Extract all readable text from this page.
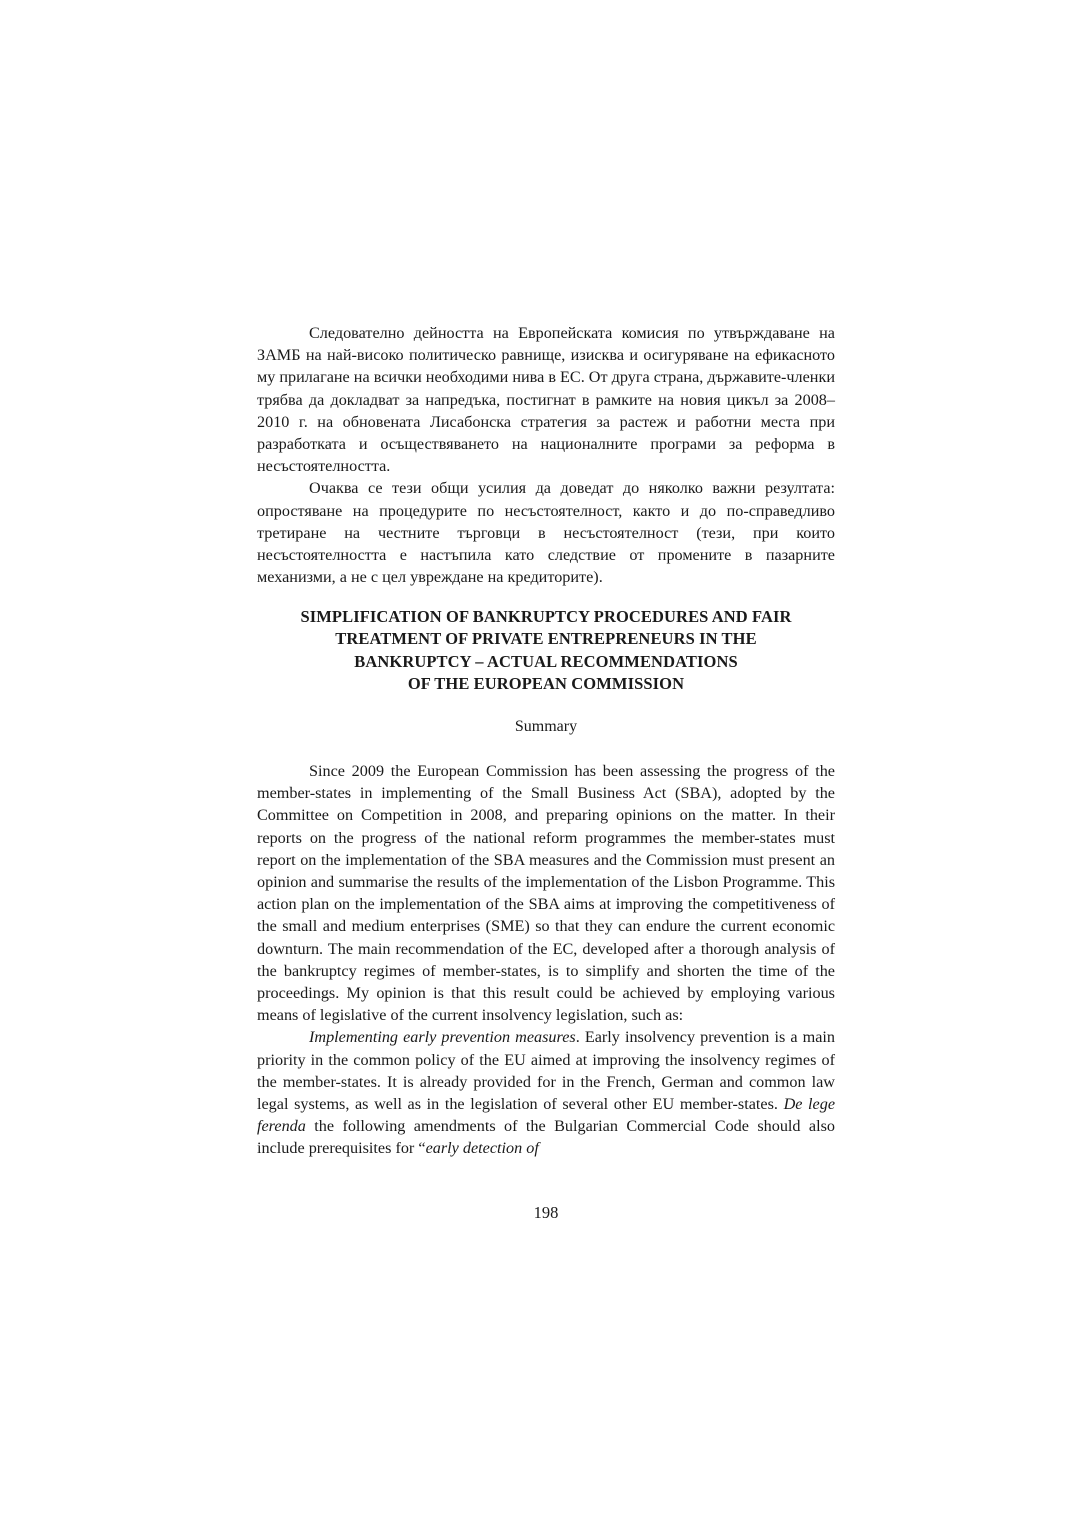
Следователно дейността на Европейската комисия по утвърждаване на ЗАМБ на най-високо политическо равнище, изисква и осигуряване на ефикасното му прилагане на всички необходими нива в ЕС. От друга страна, държавите-членки трябва да докладват за напредъка, постигнат в рамките на новия цикъл за 2008–2010 г. на обновената Лисабонска стратегия за растеж и работни места при разработката и осъществяването на националните програми за реформа в несъстоятелността.

Очаква се тези общи усилия да доведат до няколко важни резултата: опростяване на процедурите по несъстоятелност, както и до по-справедливо третиране на честните търговци в несъстоятелност (тези, при които несъстоятелността е настъпила като следствие от промените в пазарните механизми, а не с цел увреждане на кредиторите).

SIMPLIFICATION OF BANKRUPTCY PROCEDURES AND FAIR
TREATMENT OF PRIVATE ENTREPRENEURS IN THE
BANKRUPTCY – ACTUAL RECOMMENDATIONS
OF THE EUROPEAN COMMISSION
Summary

Since 2009 the European Commission has been assessing the progress of the member-states in implementing of the Small Business Act (SBA), adopted by the Committee on Competition in 2008, and preparing opinions on the matter. In their reports on the progress of the national reform programmes the member-states must report on the implementation of the SBA measures and the Commission must present an opinion and summarise the results of the implementation of the Lisbon Programme. This action plan on the implementation of the SBA aims at improving the competitiveness of the small and medium enterprises (SME) so that they can endure the current economic downturn. The main recommendation of the EC, developed after a thorough analysis of the bankruptcy regimes of member-states, is to simplify and shorten the time of the proceedings. My opinion is that this result could be achieved by employing various means of legislative of the current insolvency legislation, such as:

Implementing early prevention measures. Early insolvency prevention is a main priority in the common policy of the EU aimed at improving the insolvency regimes of the member-states. It is already provided for in the French, German and common law legal systems, as well as in the legislation of several other EU member-states. De lege ferenda the following amendments of the Bulgarian Commercial Code should also include prerequisites for “early detection of

198
